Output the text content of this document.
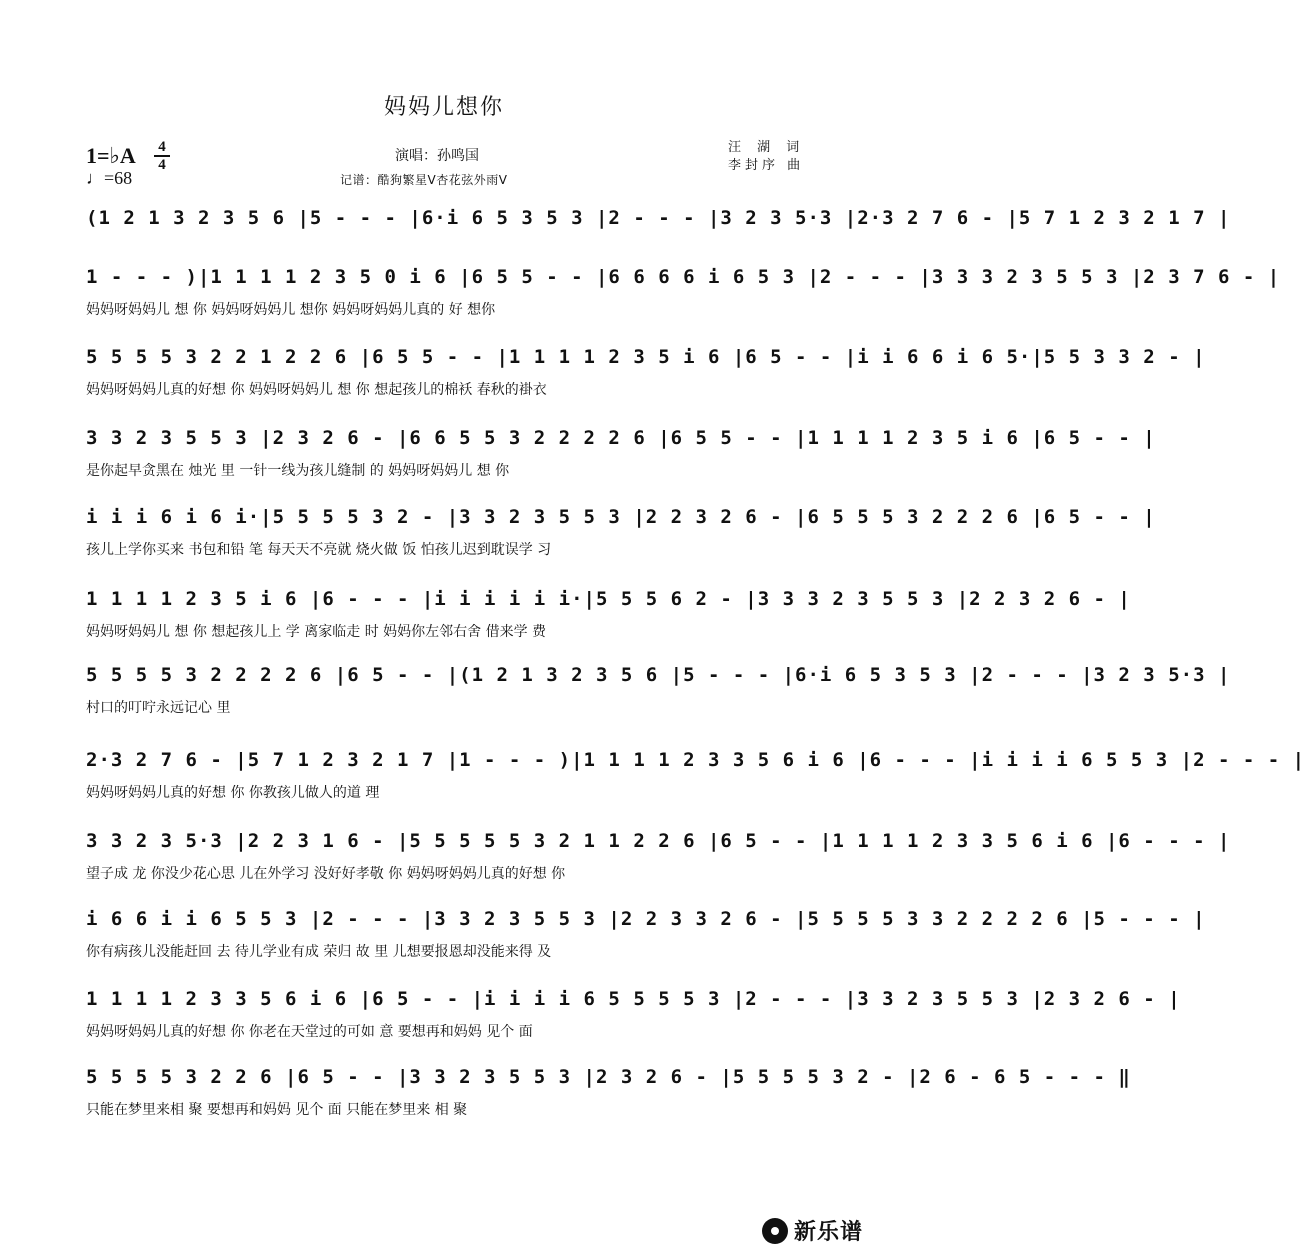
妈妈儿想你
1=♭A	4
4
♩=68
演唱：孙鸣国
记谱：酷狗繁星V杏花弦外雨V
汪 湖 词
李封序 曲
(1 2 1 3 2 3 5 6 |5 - - - |6·i 6 5 3 5 3 |2 - - - |3 2 3 5·3 |2·3 2 7 6 - |5 7 1 2 3 2 1 7 |
1 - - - )|1 1 1 1 2 3 5 0 i 6 |6 5 5 - - |6 6 6 6 i 6 5 3 |2 - - - |3 3 3 2 3 5 5 3 |2 3 7 6 - |
妈妈呀妈妈儿 想 你 妈妈呀妈妈儿 想你 妈妈呀妈妈儿真的 好 想你
5 5 5 5 3 2 2 1 2 2 6 |6 5 5 - - |1 1 1 1 2 3 5 i 6 |6 5 - - |i i 6 6 i 6 5·|5 5 3 3 2 - |
妈妈呀妈妈儿真的好想 你 妈妈呀妈妈儿 想 你 想起孩儿的棉袄 春秋的褂衣
3 3 2 3 5 5 3 |2 3 2 6 - |6 6 5 5 3 2 2 2 2 6 |6 5 5 - - |1 1 1 1 2 3 5 i 6 |6 5 - - |
是你起早贪黑在 烛光 里 一针一线为孩儿缝制 的 妈妈呀妈妈儿 想 你
i i i 6 i 6 i·|5 5 5 5 3 2 - |3 3 2 3 5 5 3 |2 2 3 2 6 - |6 5 5 5 3 2 2 2 6 |6 5 - - |
孩儿上学你买来 书包和铅 笔 每天天不亮就 烧火做 饭 怕孩儿迟到耽误学 习
1 1 1 1 2 3 5 i 6 |6 - - - |i i i i i i·|5 5 5 6 2 - |3 3 3 2 3 5 5 3 |2 2 3 2 6 - |
妈妈呀妈妈儿 想 你 想起孩儿上 学 离家临走 时 妈妈你左邻右舍 借来学 费
5 5 5 5 3 2 2 2 2 6 |6 5 - - |(1 2 1 3 2 3 5 6 |5 - - - |6·i 6 5 3 5 3 |2 - - - |3 2 3 5·3 |
村口的叮咛永远记心 里
2·3 2 7 6 - |5 7 1 2 3 2 1 7 |1 - - - )|1 1 1 1 2 3 3 5 6 i 6 |6 - - - |i i i i 6 5 5 3 |2 - - - |
妈妈呀妈妈儿真的好想 你 你教孩儿做人的道 理
3 3 2 3 5·3 |2 2 3 1 6 - |5 5 5 5 5 3 2 1 1 2 2 6 |6 5 - - |1 1 1 1 2 3 3 5 6 i 6 |6 - - - |
望子成 龙 你没少花心思 儿在外学习 没好好孝敬 你 妈妈呀妈妈儿真的好想 你
i 6 6 i i 6 5 5 3 |2 - - - |3 3 2 3 5 5 3 |2 2 3 3 2 6 - |5 5 5 5 3 3 2 2 2 2 6 |5 - - - |
你有病孩儿没能赶回 去 待儿学业有成 荣归 故 里 儿想要报恩却没能来得 及
1 1 1 1 2 3 3 5 6 i 6 |6 5 - - |i i i i 6 5 5 5 5 3 |2 - - - |3 3 2 3 5 5 3 |2 3 2 6 - |
妈妈呀妈妈儿真的好想 你 你老在天堂过的可如 意 要想再和妈妈 见个 面
5 5 5 5 3 2 2 6 |6 5 - - |3 3 2 3 5 5 3 |2 3 2 6 - |5 5 5 5 3 2 - |2 6 - 6 5 - - - ‖
只能在梦里来相 聚 要想再和妈妈 见个 面 只能在梦里来 相 聚
新乐谱
